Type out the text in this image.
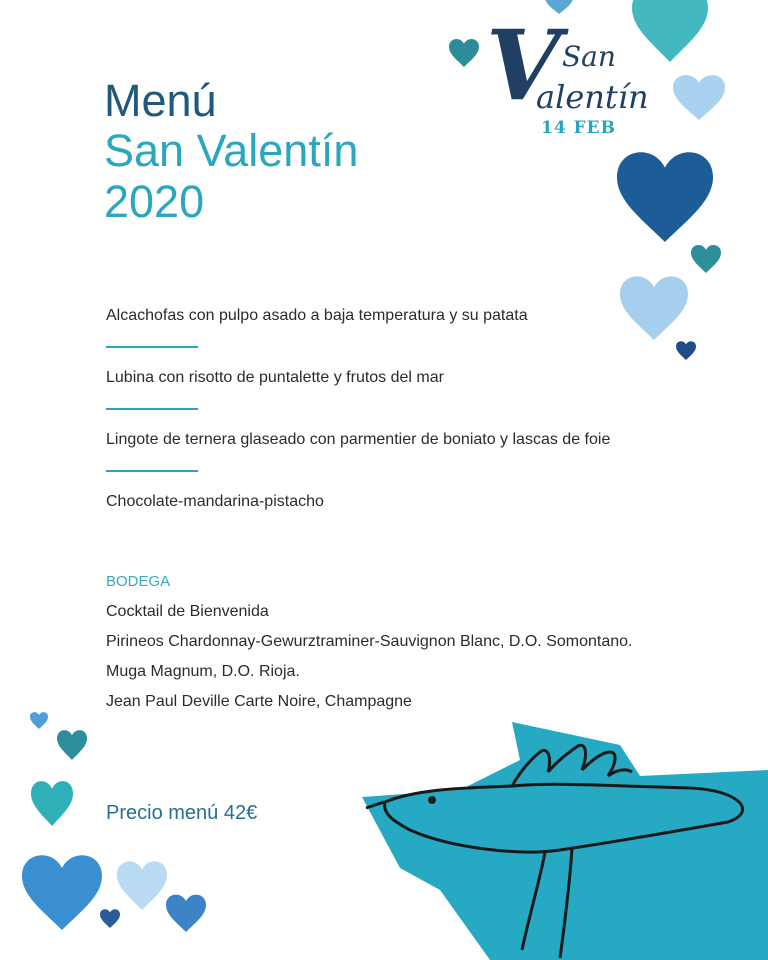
V San
alentín
14 FEB
Menú
San Valentín
2020
Alcachofas con pulpo asado a baja temperatura y su patata
Lubina con risotto de puntalette y frutos del mar
Lingote de ternera glaseado con parmentier de boniato y lascas de foie
Chocolate-mandarina-pistacho
BODEGA
Cocktail de Bienvenida
Pirineos Chardonnay-Gewurztraminer-Sauvignon Blanc, D.O. Somontano.
Muga Magnum, D.O. Rioja.
Jean Paul Deville Carte Noire, Champagne
Precio menú 42€
